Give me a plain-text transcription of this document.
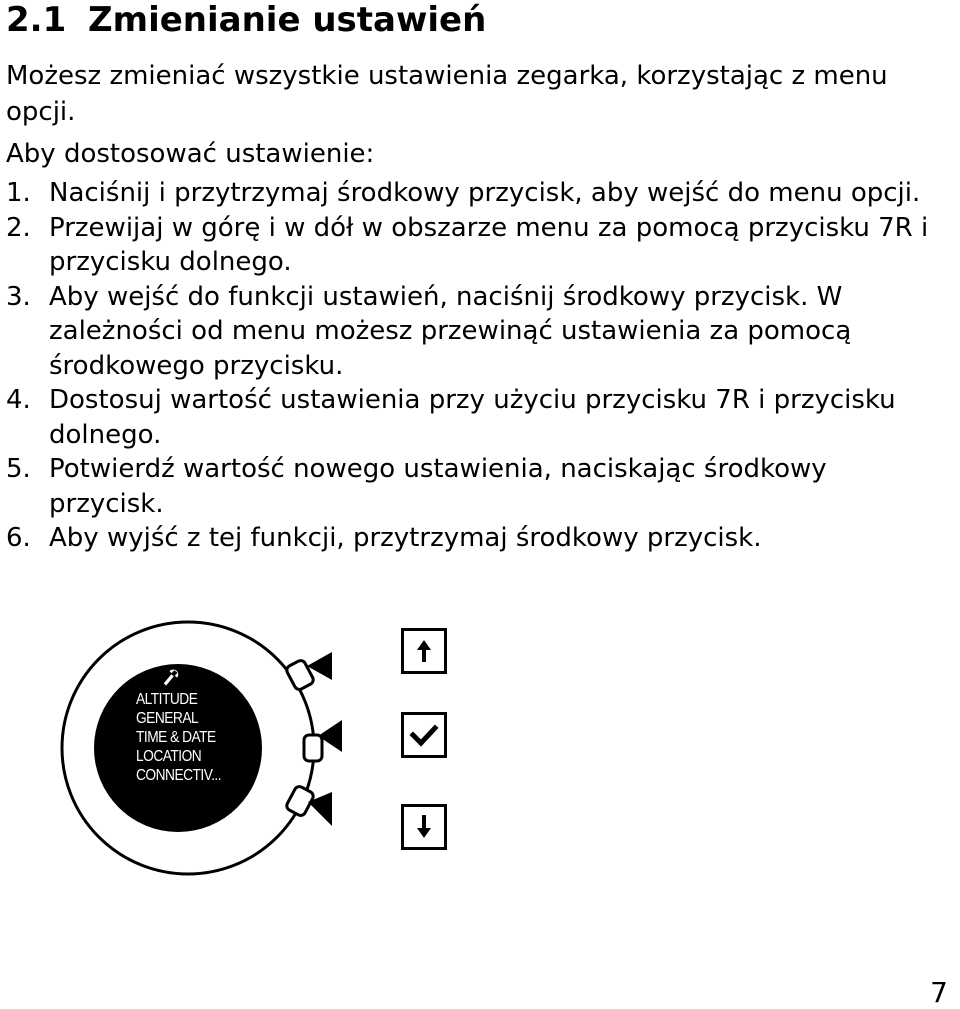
2.1 Zmienianie ustawień
Możesz zmieniać wszystkie ustawienia zegarka, korzystając z menu opcji.
Aby dostosować ustawienie:
1. Naciśnij i przytrzymaj środkowy przycisk, aby wejść do menu opcji.
2. Przewijaj w górę i w dół w obszarze menu za pomocą przycisku 7R i przycisku dolnego.
3. Aby wejść do funkcji ustawień, naciśnij środkowy przycisk. W zależności od menu możesz przewinąć ustawienia za pomocą środkowego przycisku.
4. Dostosuj wartość ustawienia przy użyciu przycisku 7R i przycisku dolnego.
5. Potwierdź wartość nowego ustawienia, naciskając środkowy przycisk.
6. Aby wyjść z tej funkcji, przytrzymaj środkowy przycisk.
ALTITUDE
GENERAL
TIME & DATE
LOCATION
CONNECTIV...
7
